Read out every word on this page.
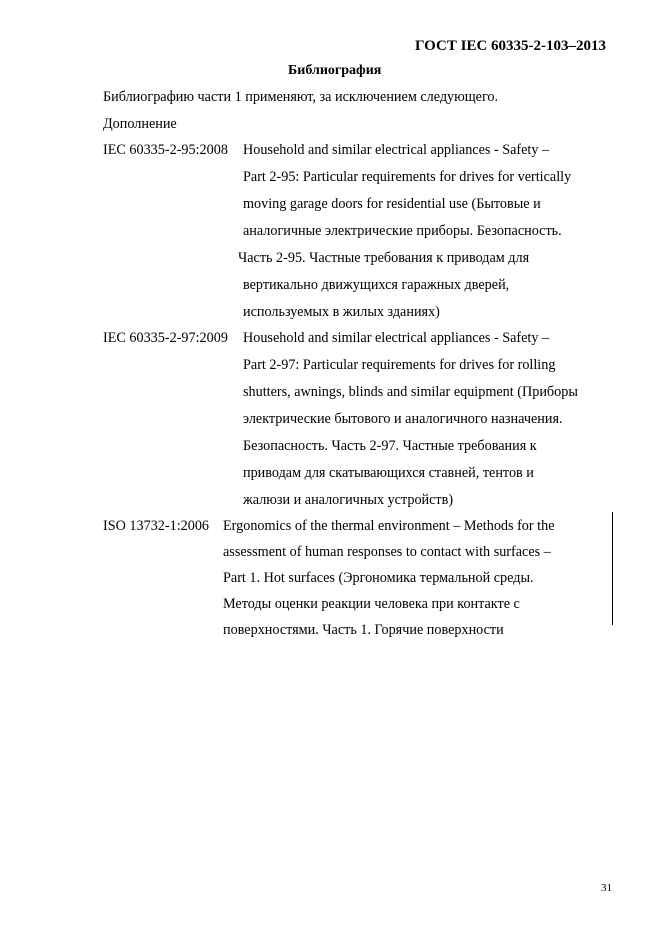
ГОСТ IEC 60335-2-103–2013
Библиография
Библиографию части 1 применяют, за исключением следующего.
Дополнение
IEC 60335-2-95:2008 Household and similar electrical appliances - Safety –
Part 2-95: Particular requirements for drives for vertically
moving garage doors for residential use (Бытовые и
аналогичные электрические приборы. Безопасность.
Часть 2-95. Частные требования к приводам для
вертикально движущихся гаражных дверей,
используемых в жилых зданиях)
IEC 60335-2-97:2009 Household and similar electrical appliances - Safety –
Part 2-97: Particular requirements for drives for rolling
shutters, awnings, blinds and similar equipment (Приборы
электрические бытового и аналогичного назначения.
Безопасность. Часть 2-97. Частные требования к
приводам для скатывающихся ставней, тентов и
жалюзи и аналогичных устройств)
ISO 13732-1:2006 Ergonomics of the thermal environment – Methods for the
assessment of human responses to contact with surfaces –
Part 1. Hot surfaces (Эргономика термальной среды.
Методы оценки реакции человека при контакте с
поверхностями. Часть 1. Горячие поверхности
31
